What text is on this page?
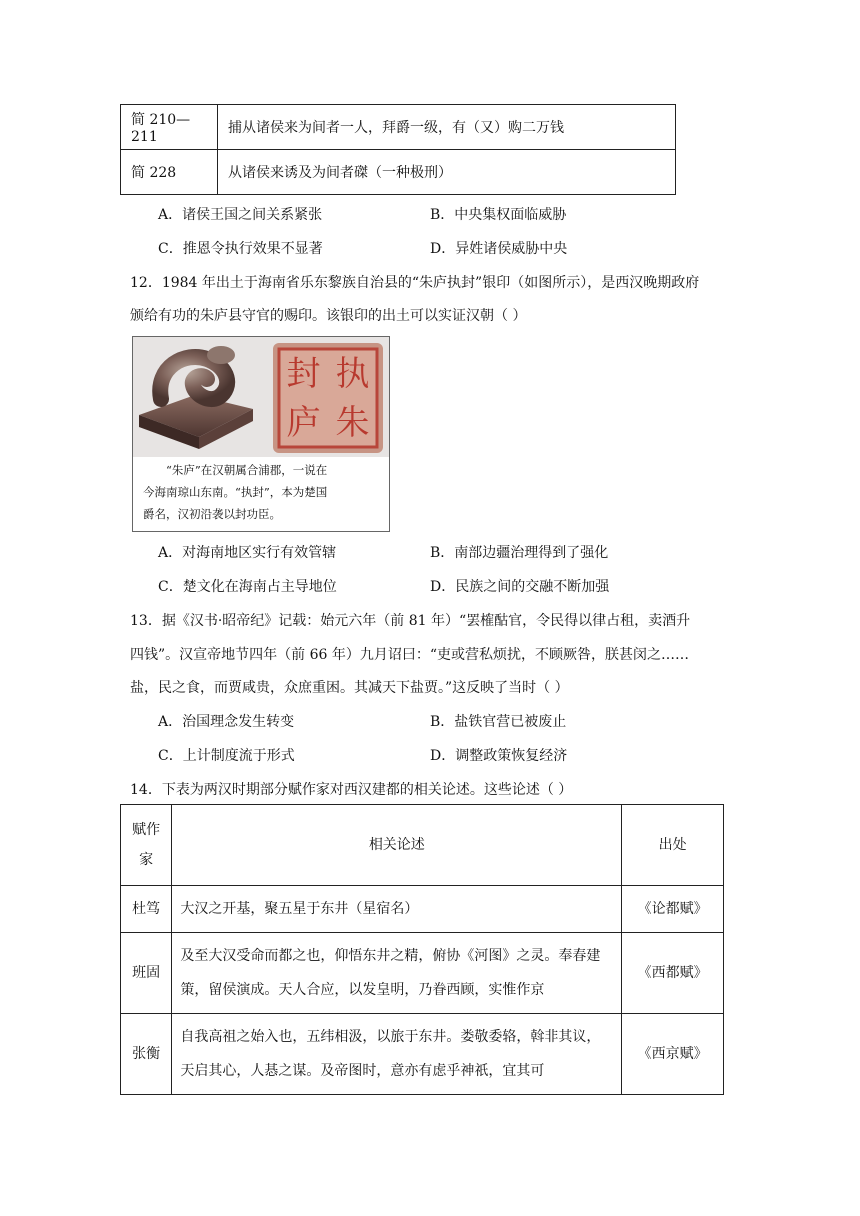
简 210—211	捕从诸侯来为间者一人，拜爵一级，有（又）购二万钱
简 228	从诸侯来诱及为间者磔（一种极刑）
A．诸侯王国之间关系紧张	B．中央集权面临威胁
C．推恩令执行效果不显著	D．异姓诸侯威胁中央
12．1984 年出土于海南省乐东黎族自治县的“朱庐执封”银印（如图所示），是西汉晚期政府
颁给有功的朱庐县守官的赐印。该银印的出土可以实证汉朝（ ）
封 执
庐 朱
“朱庐”在汉朝属合浦郡，一说在
今海南琼山东南。“执封”，本为楚国
爵名，汉初沿袭以封功臣。
A．对海南地区实行有效管辖	B．南部边疆治理得到了强化
C．楚文化在海南占主导地位	D．民族之间的交融不断加强
13．据《汉书·昭帝纪》记载：始元六年（前 81 年）“罢榷酤官，令民得以律占租，卖酒升
四钱”。汉宣帝地节四年（前 66 年）九月诏曰：“吏或营私烦扰，不顾厥咎，朕甚闵之……
盐，民之食，而贾咸贵，众庶重困。其减天下盐贾。”这反映了当时（ ）
A．治国理念发生转变	B．盐铁官营已被废止
C．上计制度流于形式	D．调整政策恢复经济
14．下表为两汉时期部分赋作家对西汉建都的相关论述。这些论述（ ）
赋作家	相关论述	出处
杜笃	大汉之开基，聚五星于东井（星宿名）	《论都赋》
班固	及至大汉受命而都之也，仰悟东井之精，俯协《河图》之灵。奉春建策，留侯演成。天人合应，以发皇明，乃眷西顾，实惟作京	《西都赋》
张衡	自我高祖之始入也，五纬相汲，以旅于东井。娄敬委辂，斡非其议，天启其心，人惎之谋。及帝图时，意亦有虑乎神祇，宜其可	《西京赋》
